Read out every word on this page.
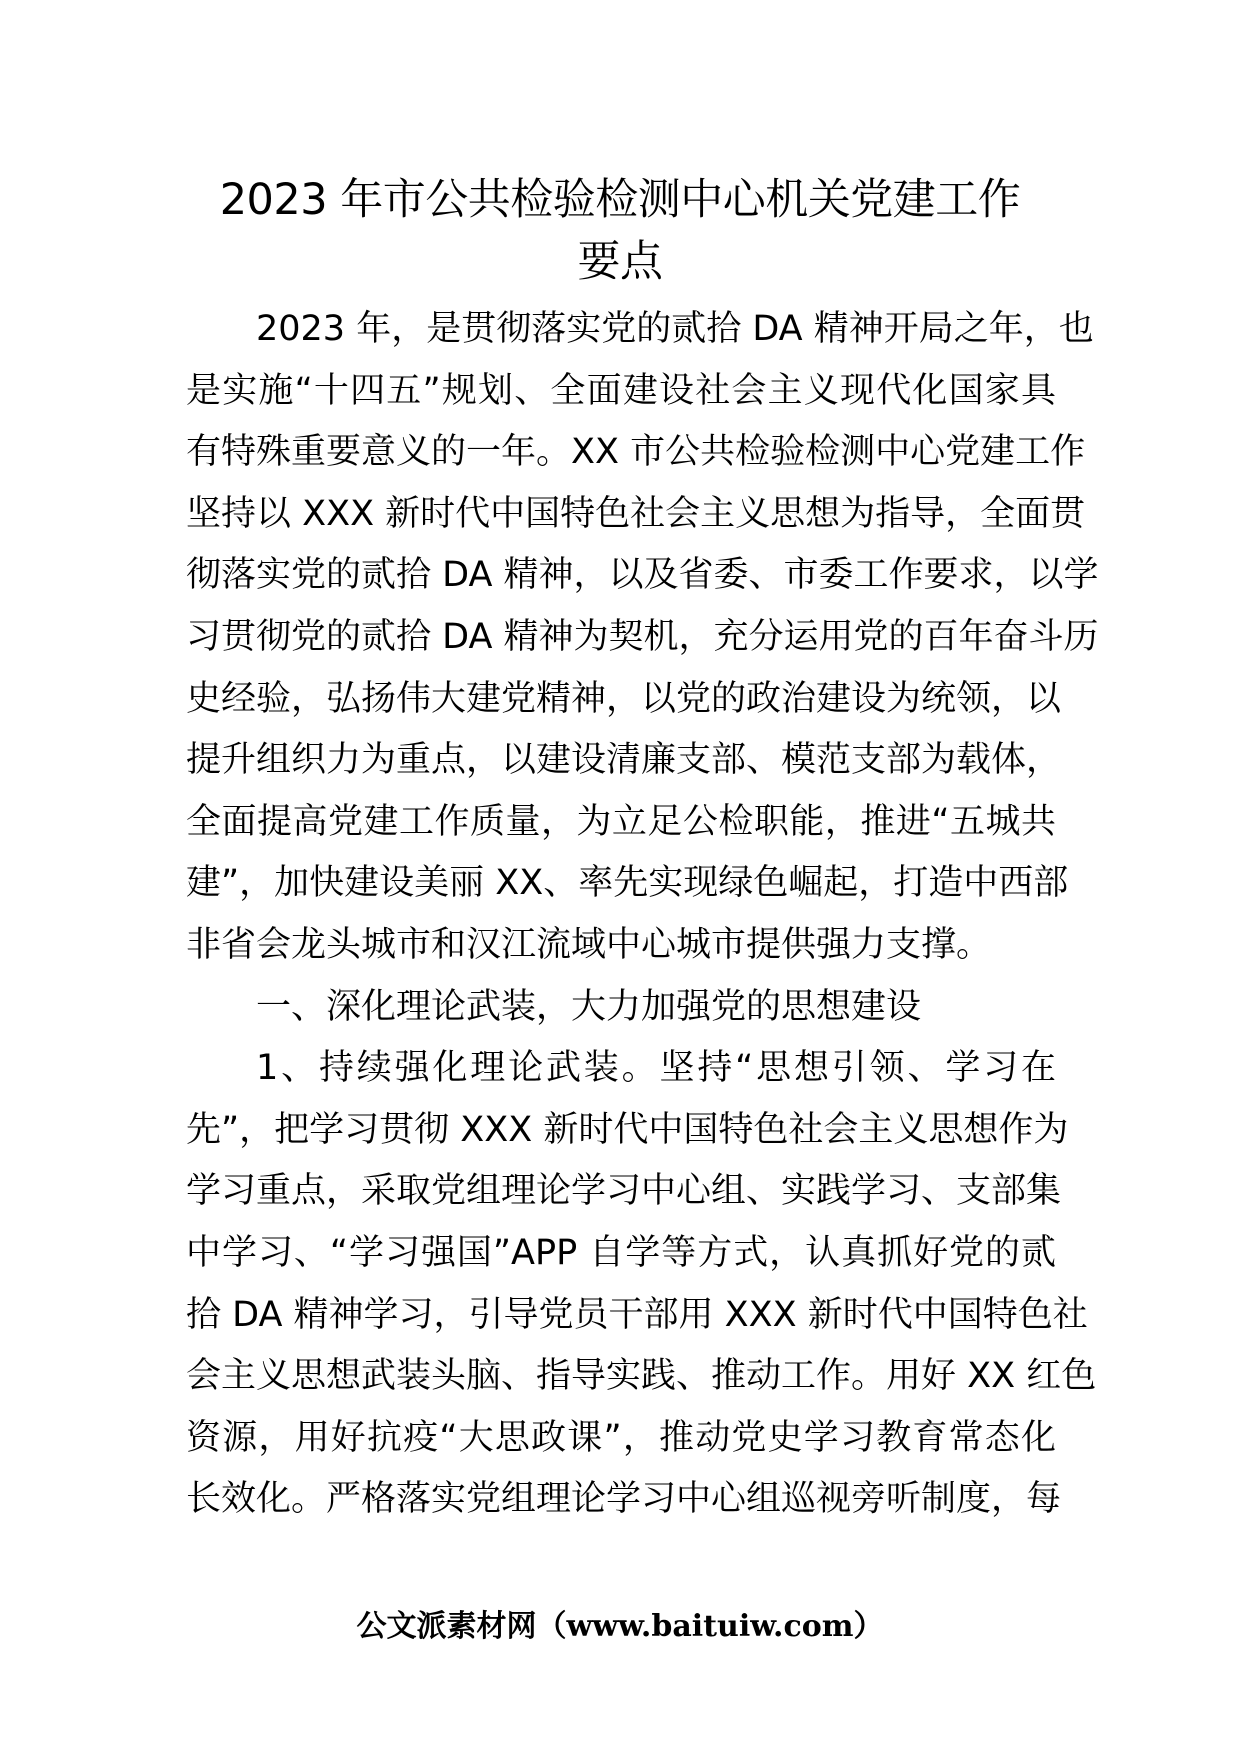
2023 年市公共检验检测中心机关党建工作
要点
2023 年，是贯彻落实党的贰拾 DA 精神开局之年，也
是实施“十四五”规划、全面建设社会主义现代化国家具
有特殊重要意义的一年。XX 市公共检验检测中心党建工作
坚持以 XXX 新时代中国特色社会主义思想为指导，全面贯
彻落实党的贰拾 DA 精神，以及省委、市委工作要求，以学
习贯彻党的贰拾 DA 精神为契机，充分运用党的百年奋斗历
史经验，弘扬伟大建党精神，以党的政治建设为统领，以
提升组织力为重点，以建设清廉支部、模范支部为载体，
全面提高党建工作质量，为立足公检职能，推进“五城共
建”，加快建设美丽 XX、率先实现绿色崛起，打造中西部
非省会龙头城市和汉江流域中心城市提供强力支撑。
一、深化理论武装，大力加强党的思想建设
1、持续强化理论武装。坚持“思想引领、学习在
先”，把学习贯彻 XXX 新时代中国特色社会主义思想作为
学习重点，采取党组理论学习中心组、实践学习、支部集
中学习、“学习强国”APP 自学等方式，认真抓好党的贰
拾 DA 精神学习，引导党员干部用 XXX 新时代中国特色社
会主义思想武装头脑、指导实践、推动工作。用好 XX 红色
资源，用好抗疫“大思政课”，推动党史学习教育常态化
长效化。严格落实党组理论学习中心组巡视旁听制度，每
公文派素材网（www.baituiw.com）
